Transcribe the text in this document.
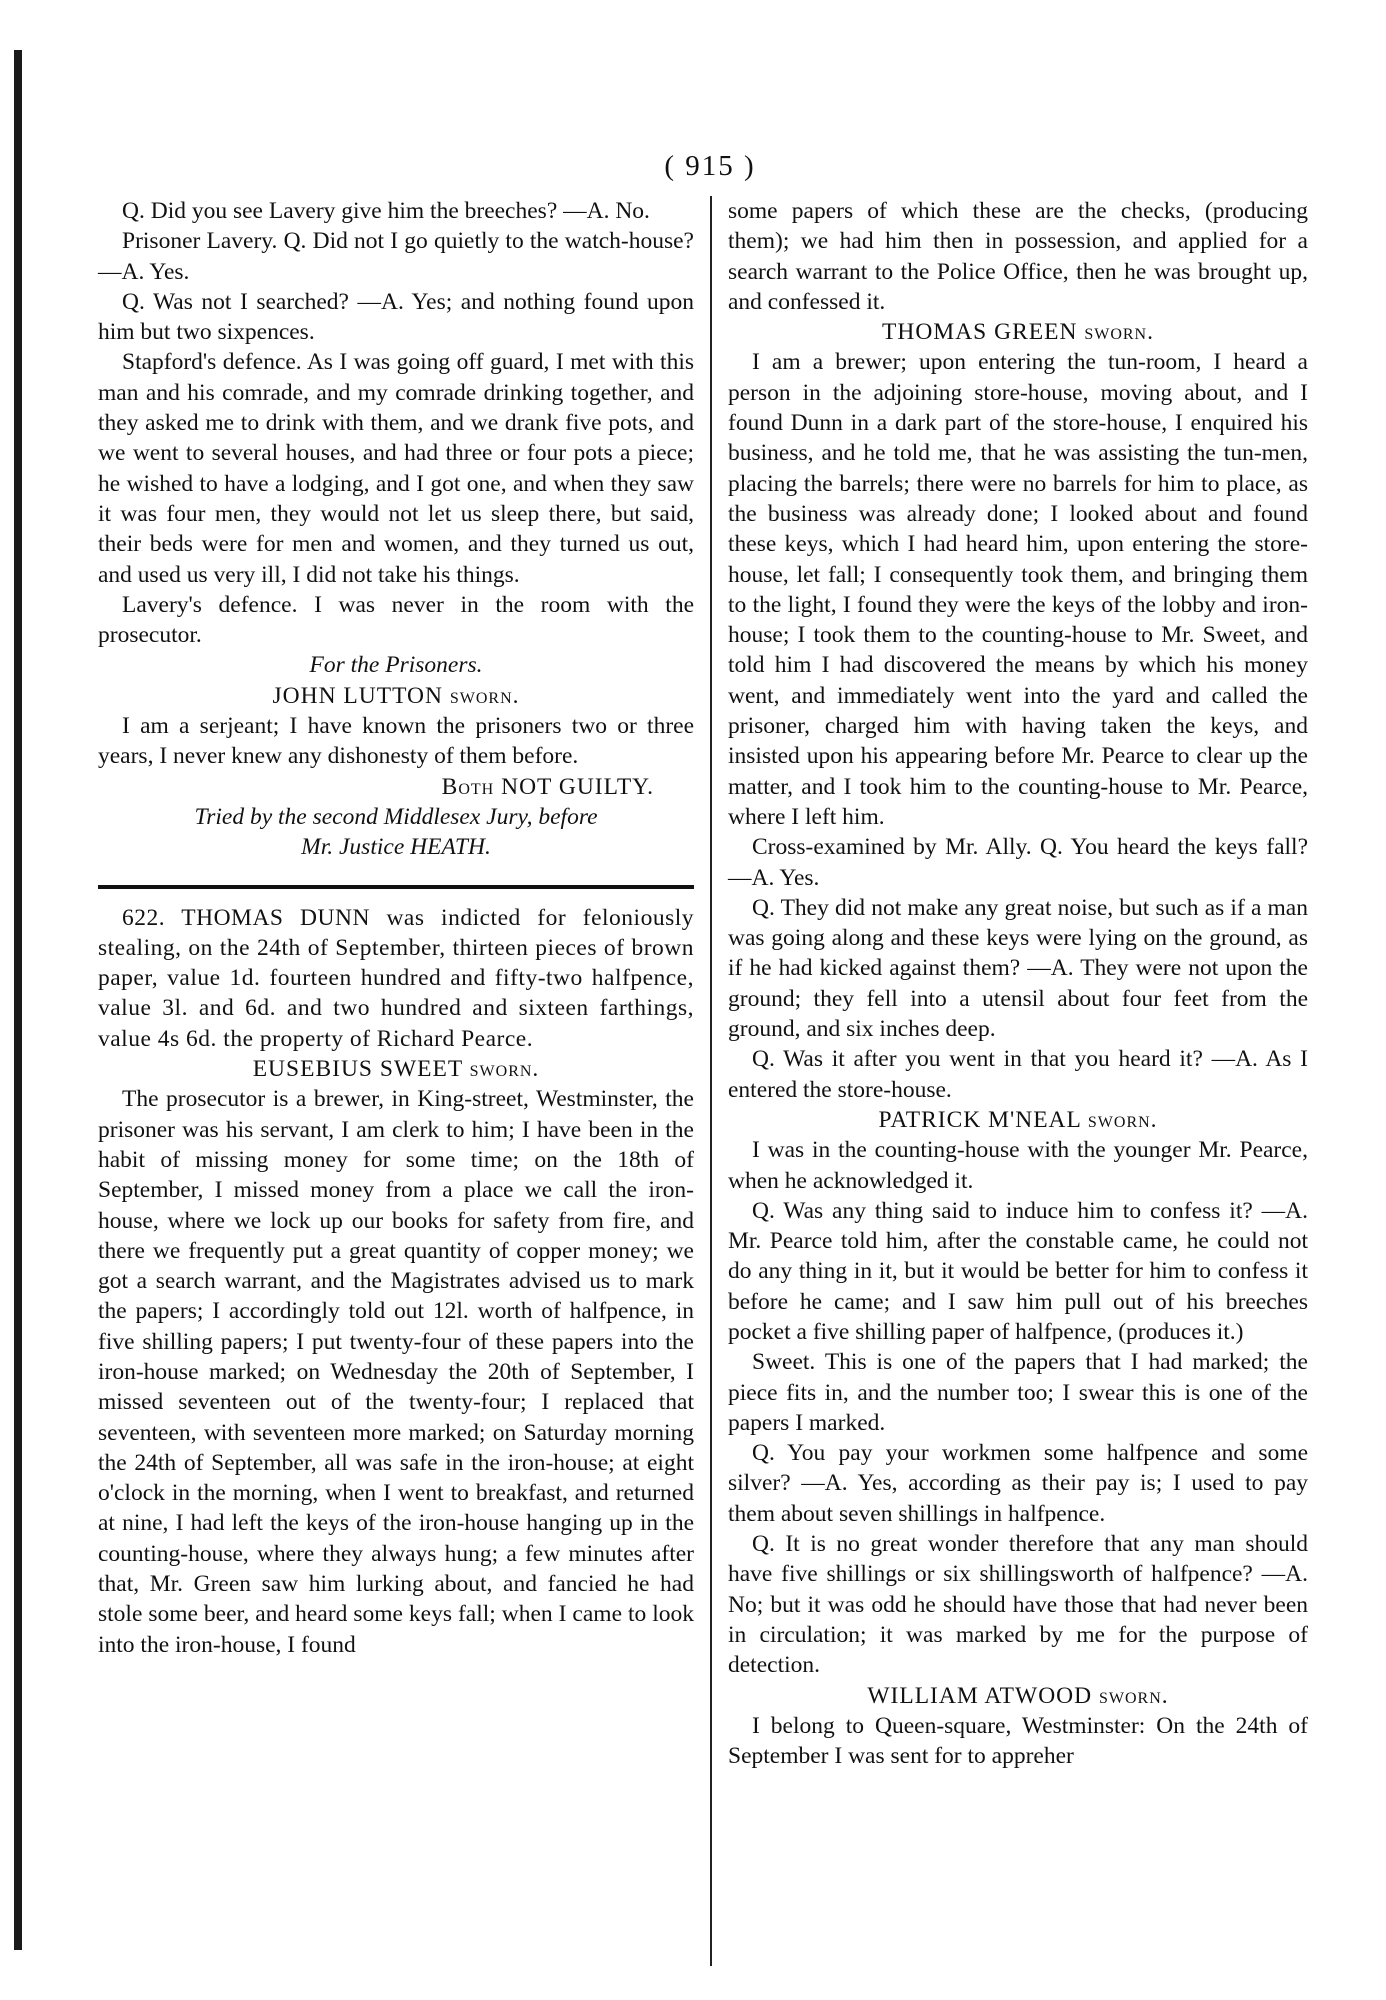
( 915 )

Q. Did you see Lavery give him the breeches? —A. No.

Prisoner Lavery. Q. Did not I go quietly to the watch-house? —A. Yes.

Q. Was not I searched? —A. Yes; and nothing found upon him but two sixpences.

Stapford's defence. As I was going off guard, I met with this man and his comrade, and my comrade drinking together, and they asked me to drink with them, and we drank five pots, and we went to several houses, and had three or four pots a piece; he wished to have a lodging, and I got one, and when they saw it was four men, they would not let us sleep there, but said, their beds were for men and women, and they turned us out, and used us very ill, I did not take his things.

Lavery's defence. I was never in the room with the prosecutor.

For the Prisoners.

JOHN LUTTON sworn.

I am a serjeant; I have known the prisoners two or three years, I never knew any dishonesty of them before.

Both NOT GUILTY.

Tried by the second Middlesex Jury, before

Mr. Justice HEATH.

622. THOMAS DUNN was indicted for feloniously stealing, on the 24th of September, thirteen pieces of brown paper, value 1d. fourteen hundred and fifty-two halfpence, value 3l. and 6d. and two hundred and sixteen farthings, value 4s 6d. the property of Richard Pearce.

EUSEBIUS SWEET sworn.

The prosecutor is a brewer, in King-street, Westminster, the prisoner was his servant, I am clerk to him; I have been in the habit of missing money for some time; on the 18th of September, I missed money from a place we call the iron-house, where we lock up our books for safety from fire, and there we frequently put a great quantity of copper money; we got a search warrant, and the Magistrates advised us to mark the papers; I accordingly told out 12l. worth of halfpence, in five shilling papers; I put twenty-four of these papers into the iron-house marked; on Wednesday the 20th of September, I missed seventeen out of the twenty-four; I replaced that seventeen, with seventeen more marked; on Saturday morning the 24th of September, all was safe in the iron-house; at eight o'clock in the morning, when I went to breakfast, and returned at nine, I had left the keys of the iron-house hanging up in the counting-house, where they always hung; a few minutes after that, Mr. Green saw him lurking about, and fancied he had stole some beer, and heard some keys fall; when I came to look into the iron-house, I found

some papers of which these are the checks, (producing them); we had him then in possession, and applied for a search warrant to the Police Office, then he was brought up, and confessed it.

THOMAS GREEN sworn.

I am a brewer; upon entering the tun-room, I heard a person in the adjoining store-house, moving about, and I found Dunn in a dark part of the store-house, I enquired his business, and he told me, that he was assisting the tun-men, placing the barrels; there were no barrels for him to place, as the business was already done; I looked about and found these keys, which I had heard him, upon entering the store-house, let fall; I consequently took them, and bringing them to the light, I found they were the keys of the lobby and iron-house; I took them to the counting-house to Mr. Sweet, and told him I had discovered the means by which his money went, and immediately went into the yard and called the prisoner, charged him with having taken the keys, and insisted upon his appearing before Mr. Pearce to clear up the matter, and I took him to the counting-house to Mr. Pearce, where I left him.

Cross-examined by Mr. Ally. Q. You heard the keys fall? —A. Yes.

Q. They did not make any great noise, but such as if a man was going along and these keys were lying on the ground, as if he had kicked against them? —A. They were not upon the ground; they fell into a utensil about four feet from the ground, and six inches deep.

Q. Was it after you went in that you heard it? —A. As I entered the store-house.

PATRICK M'NEAL sworn.

I was in the counting-house with the younger Mr. Pearce, when he acknowledged it.

Q. Was any thing said to induce him to confess it? —A. Mr. Pearce told him, after the constable came, he could not do any thing in it, but it would be better for him to confess it before he came; and I saw him pull out of his breeches pocket a five shilling paper of halfpence, (produces it.)

Sweet. This is one of the papers that I had marked; the piece fits in, and the number too; I swear this is one of the papers I marked.

Q. You pay your workmen some halfpence and some silver? —A. Yes, according as their pay is; I used to pay them about seven shillings in halfpence.

Q. It is no great wonder therefore that any man should have five shillings or six shillingsworth of halfpence? —A. No; but it was odd he should have those that had never been in circulation; it was marked by me for the purpose of detection.

WILLIAM ATWOOD sworn.

I belong to Queen-square, Westminster: On the 24th of September I was sent for to appreher
